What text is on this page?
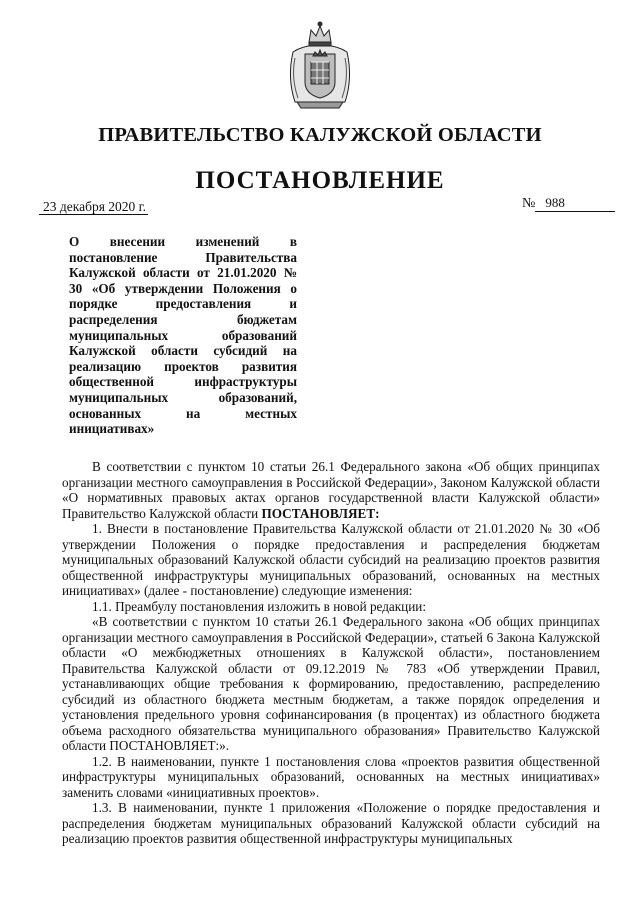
ПРАВИТЕЛЬСТВО КАЛУЖСКОЙ ОБЛАСТИ
ПОСТАНОВЛЕНИЕ
23 декабря 2020 г.	№ 988

О внесении изменений в постановление Правительства Калужской области от 21.01.2020 № 30 «Об утверждении Положения о порядке предоставления и распределения бюджетам муниципальных образований Калужской области субсидий на реализацию проектов развития общественной инфраструктуры муниципальных образований, основанных на местных инициативах»

В соответствии с пунктом 10 статьи 26.1 Федерального закона «Об общих принципах организации местного самоуправления в Российской Федерации», Законом Калужской области «О нормативных правовых актах органов государственной власти Калужской области» Правительство Калужской области ПОСТАНОВЛЯЕТ:

1. Внести в постановление Правительства Калужской области от 21.01.2020 № 30 «Об утверждении Положения о порядке предоставления и распределения бюджетам муниципальных образований Калужской области субсидий на реализацию проектов развития общественной инфраструктуры муниципальных образований, основанных на местных инициативах» (далее - постановление) следующие изменения:

1.1. Преамбулу постановления изложить в новой редакции:

«В соответствии с пунктом 10 статьи 26.1 Федерального закона «Об общих принципах организации местного самоуправления в Российской Федерации», статьей 6 Закона Калужской области «О межбюджетных отношениях в Калужской области», постановлением Правительства Калужской области от 09.12.2019 № 783 «Об утверждении Правил, устанавливающих общие требования к формированию, предоставлению, распределению субсидий из областного бюджета местным бюджетам, а также порядок определения и установления предельного уровня софинансирования (в процентах) из областного бюджета объема расходного обязательства муниципального образования» Правительство Калужской области ПОСТАНОВЛЯЕТ:».

1.2. В наименовании, пункте 1 постановления слова «проектов развития общественной инфраструктуры муниципальных образований, основанных на местных инициативах» заменить словами «инициативных проектов».

1.3. В наименовании, пункте 1 приложения «Положение о порядке предоставления и распределения бюджетам муниципальных образований Калужской области субсидий на реализацию проектов развития общественной инфраструктуры муниципальных
